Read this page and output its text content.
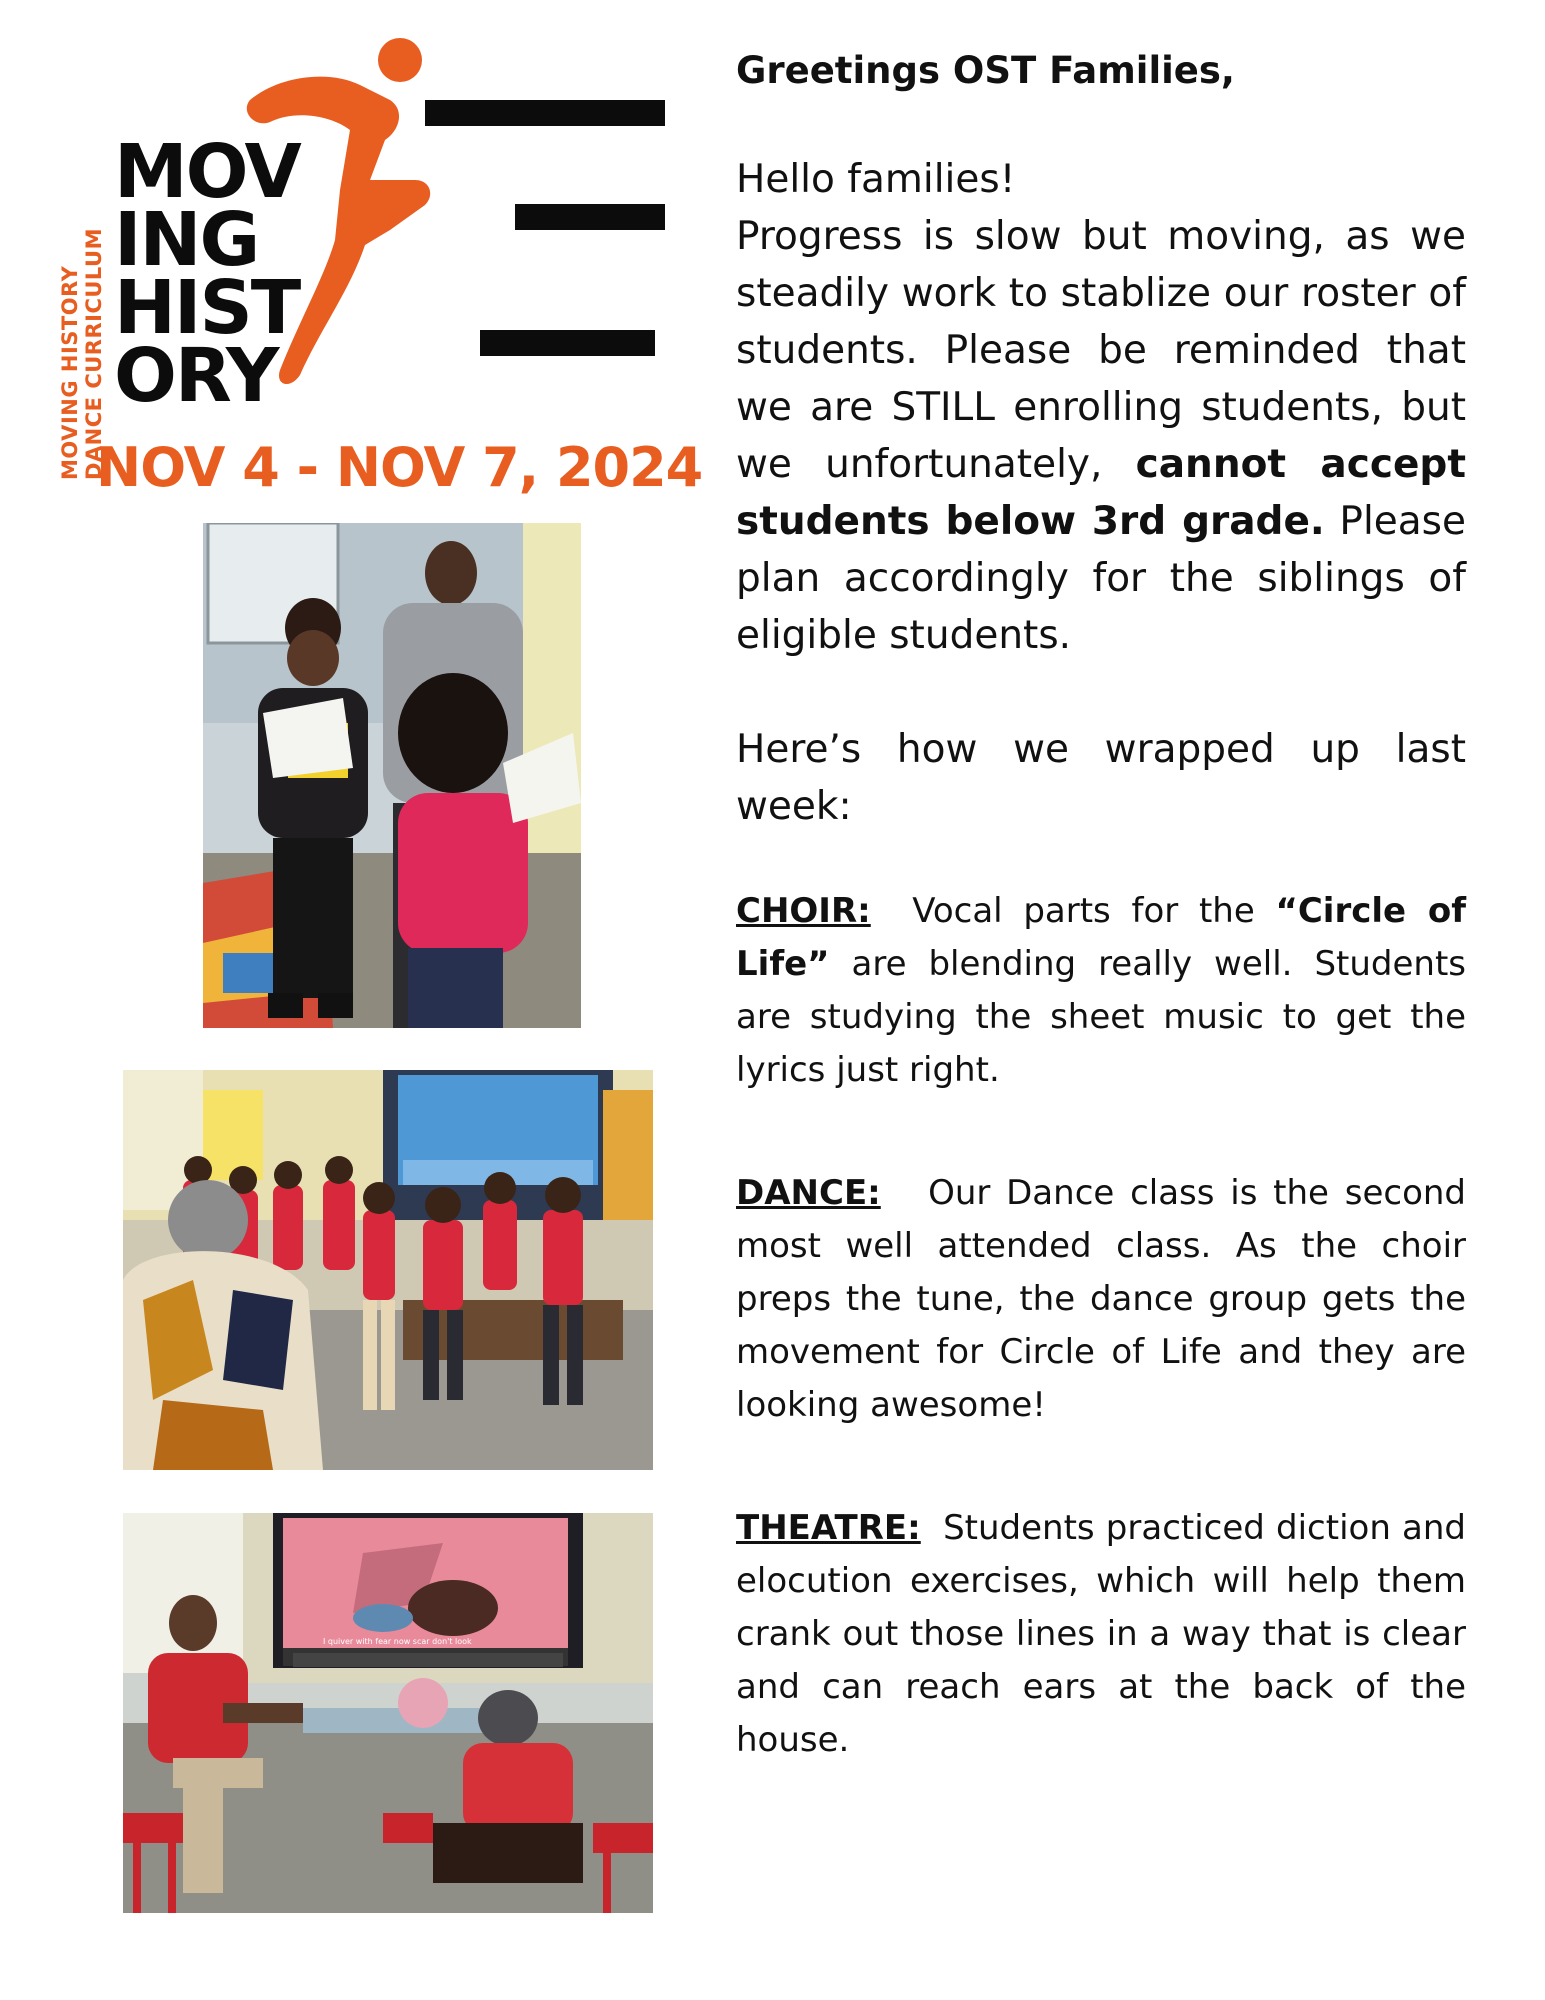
MOVING HISTORY DANCE CURRICULUM
MOV
ING
HIST
ORY
NOV 4 - NOV 7, 2024
I quiver with fear now scar don't look

Greetings OST Families,

Hello families!

Progress is slow but moving, as we steadily work to stablize our roster of students. Please be reminded that we are STILL enrolling students, but we unfortunately, cannot accept students below 3rd grade. Please plan accordingly for the siblings of eligible students.

Here’s how we wrapped up last week:

CHOIR:  Vocal parts for the “Circle of Life” are blending really well. Students are studying the sheet music to get the lyrics just right.

DANCE:   Our Dance class is the second most well attended class. As the choir preps the tune, the dance group gets the movement for Circle of Life and they are looking awesome!

THEATRE:  Students practiced diction and elocution exercises, which will help them crank out those lines in a way that is clear and can reach ears at the back of the house.
